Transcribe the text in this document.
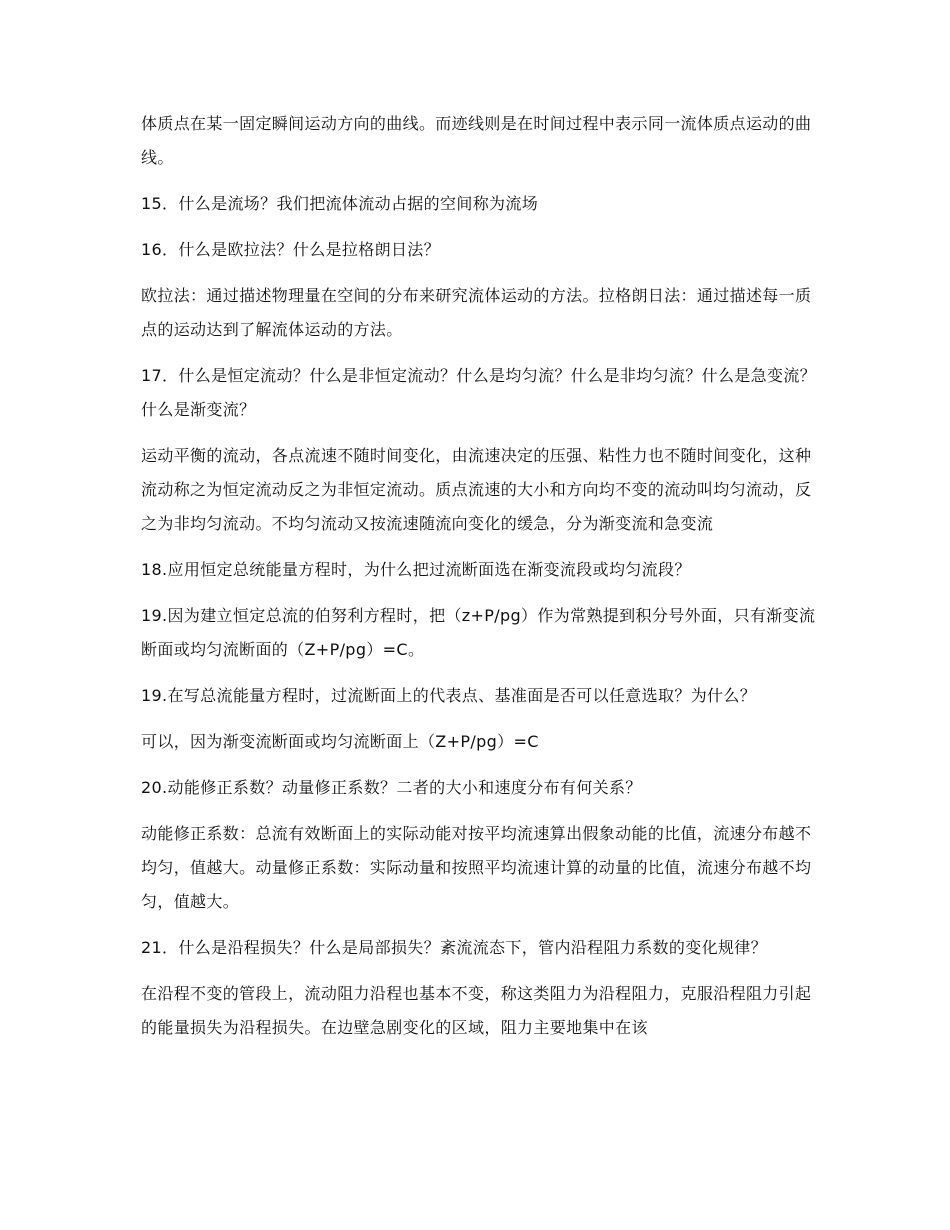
体质点在某一固定瞬间运动方向的曲线。而迹线则是在时间过程中表示同一流体质点运动的曲线。

15．什么是流场？我们把流体流动占据的空间称为流场

16．什么是欧拉法？什么是拉格朗日法？

欧拉法：通过描述物理量在空间的分布来研究流体运动的方法。拉格朗日法：通过描述每一质点的运动达到了解流体运动的方法。

17．什么是恒定流动？什么是非恒定流动？什么是均匀流？什么是非均匀流？什么是急变流？什么是渐变流？

运动平衡的流动，各点流速不随时间变化，由流速决定的压强、粘性力也不随时间变化，这种流动称之为恒定流动反之为非恒定流动。质点流速的大小和方向均不变的流动叫均匀流动，反之为非均匀流动。不均匀流动又按流速随流向变化的缓急，分为渐变流和急变流

18.应用恒定总统能量方程时，为什么把过流断面选在渐变流段或均匀流段？

19.因为建立恒定总流的伯努利方程时，把（z+P/pg）作为常熟提到积分号外面，只有渐变流断面或均匀流断面的（Z+P/pg）=C。

19.在写总流能量方程时，过流断面上的代表点、基准面是否可以任意选取？为什么？

可以，因为渐变流断面或均匀流断面上（Z+P/pg）=C

20.动能修正系数？动量修正系数？二者的大小和速度分布有何关系？

动能修正系数：总流有效断面上的实际动能对按平均流速算出假象动能的比值，流速分布越不均匀，值越大。动量修正系数：实际动量和按照平均流速计算的动量的比值，流速分布越不均匀，值越大。

21．什么是沿程损失？什么是局部损失？紊流流态下，管内沿程阻力系数的变化规律？

在沿程不变的管段上，流动阻力沿程也基本不变，称这类阻力为沿程阻力，克服沿程阻力引起的能量损失为沿程损失。在边壁急剧变化的区域，阻力主要地集中在该
